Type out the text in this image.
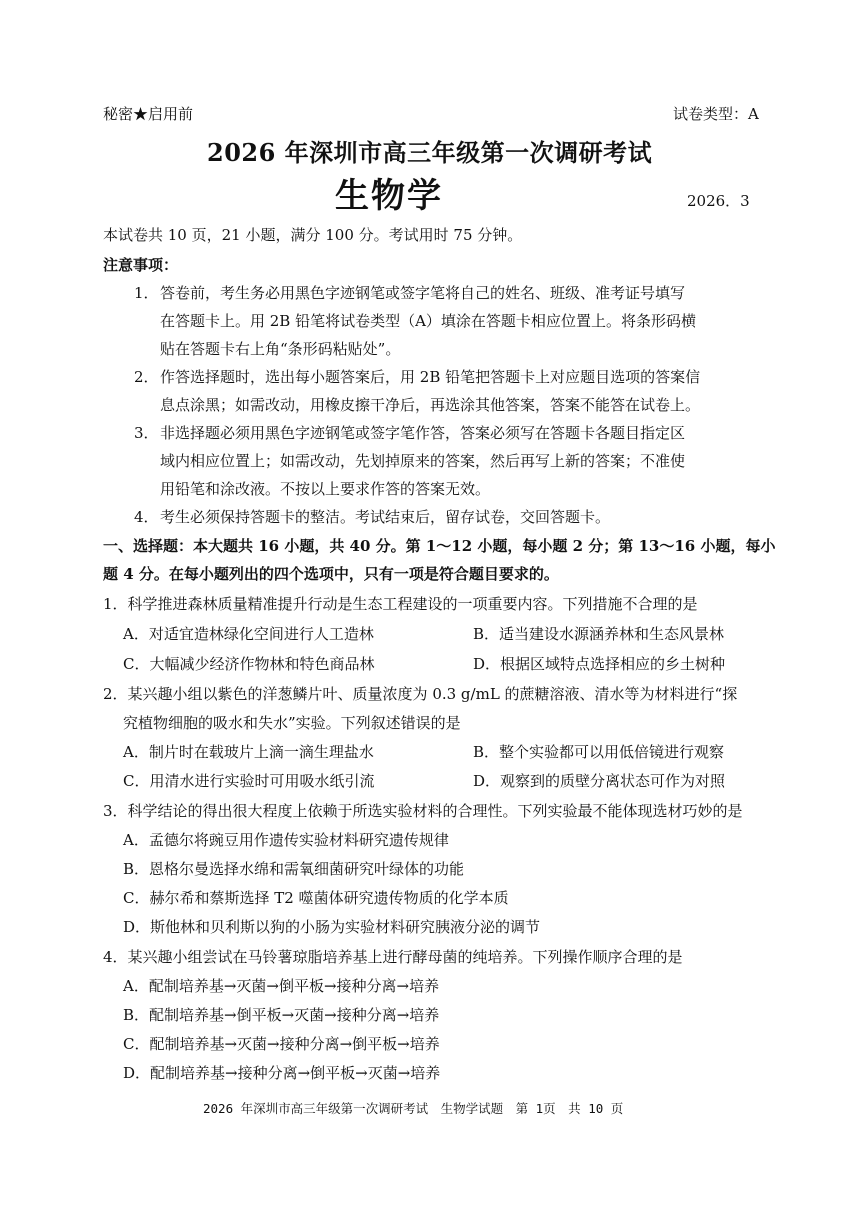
秘密★启用前	试卷类型：A
2026 年深圳市高三年级第一次调研考试
生物学	2026．3
本试卷共 10 页，21 小题，满分 100 分。考试用时 75 分钟。
注意事项：
1． 答卷前，考生务必用黑色字迹钢笔或签字笔将自己的姓名、班级、准考证号填写
在答题卡上。用 2B 铅笔将试卷类型（A）填涂在答题卡相应位置上。将条形码横
贴在答题卡右上角“条形码粘贴处”。
2． 作答选择题时，选出每小题答案后，用 2B 铅笔把答题卡上对应题目选项的答案信
息点涂黑；如需改动，用橡皮擦干净后，再选涂其他答案，答案不能答在试卷上。
3． 非选择题必须用黑色字迹钢笔或签字笔作答，答案必须写在答题卡各题目指定区
域内相应位置上；如需改动，先划掉原来的答案，然后再写上新的答案；不准使
用铅笔和涂改液。不按以上要求作答的答案无效。
4． 考生必须保持答题卡的整洁。考试结束后，留存试卷，交回答题卡。
一、选择题：本大题共 16 小题，共 40 分。第 1～12 小题，每小题 2 分；第 13～16 小题，每小
题 4 分。在每小题列出的四个选项中，只有一项是符合题目要求的。
1．科学推进森林质量精准提升行动是生态工程建设的一项重要内容。下列措施不合理的是
A．对适宜造林绿化空间进行人工造林	B．适当建设水源涵养林和生态风景林
C．大幅减少经济作物林和特色商品林	D．根据区域特点选择相应的乡土树种
2．某兴趣小组以紫色的洋葱鳞片叶、质量浓度为 0.3 g/mL 的蔗糖溶液、清水等为材料进行“探
究植物细胞的吸水和失水”实验。下列叙述错误的是
A．制片时在载玻片上滴一滴生理盐水	B．整个实验都可以用低倍镜进行观察
C．用清水进行实验时可用吸水纸引流	D．观察到的质壁分离状态可作为对照
3．科学结论的得出很大程度上依赖于所选实验材料的合理性。下列实验最不能体现选材巧妙的是
A．孟德尔将豌豆用作遗传实验材料研究遗传规律
B．恩格尔曼选择水绵和需氧细菌研究叶绿体的功能
C．赫尔希和蔡斯选择 T2 噬菌体研究遗传物质的化学本质
D．斯他林和贝利斯以狗的小肠为实验材料研究胰液分泌的调节
4．某兴趣小组尝试在马铃薯琼脂培养基上进行酵母菌的纯培养。下列操作顺序合理的是
A．配制培养基→灭菌→倒平板→接种分离→培养
B．配制培养基→倒平板→灭菌→接种分离→培养
C．配制培养基→灭菌→接种分离→倒平板→培养
D．配制培养基→接种分离→倒平板→灭菌→培养
2026 年深圳市高三年级第一次调研考试　生物学试题　第 1页　共 10 页
